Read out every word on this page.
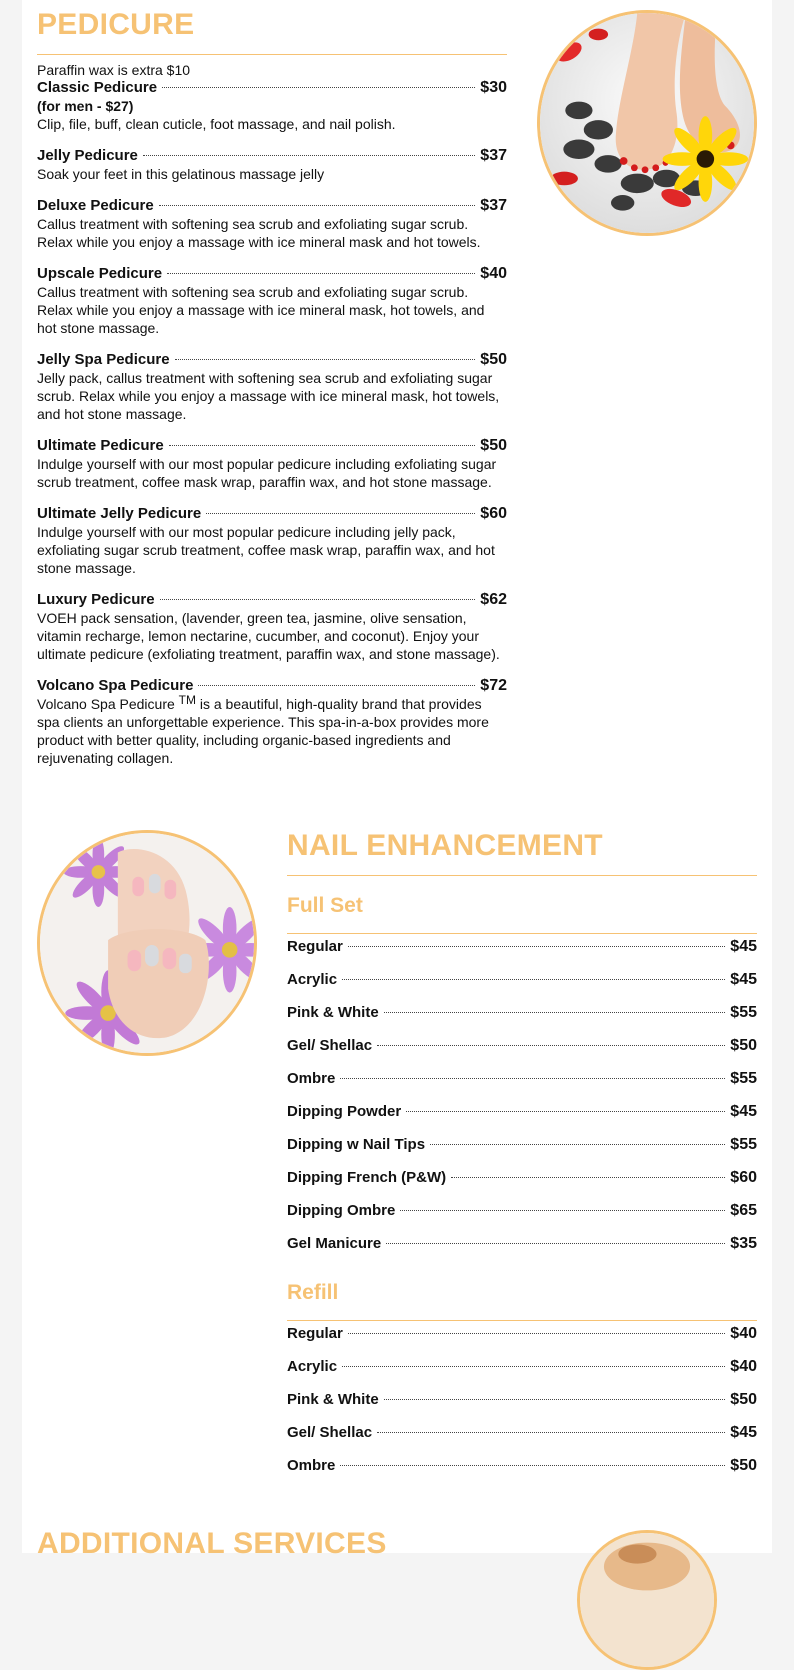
PEDICURE
Paraffin wax is extra $10
Classic Pedicure	$30
(for men - $27)
Clip, file, buff, clean cuticle, foot massage, and nail polish.
Jelly Pedicure	$37
Soak your feet in this gelatinous massage jelly
Deluxe Pedicure	$37
Callus treatment with softening sea scrub and exfoliating sugar scrub. Relax while you enjoy a massage with ice mineral mask and hot towels.
Upscale Pedicure	$40
Callus treatment with softening sea scrub and exfoliating sugar scrub. Relax while you enjoy a massage with ice mineral mask, hot towels, and hot stone massage.
Jelly Spa Pedicure	$50
Jelly pack, callus treatment with softening sea scrub and exfoliating sugar scrub. Relax while you enjoy a massage with ice mineral mask, hot towels, and hot stone massage.
Ultimate Pedicure	$50
Indulge yourself with our most popular pedicure including exfoliating sugar scrub treatment, coffee mask wrap, paraffin wax, and hot stone massage.
Ultimate Jelly Pedicure	$60
Indulge yourself with our most popular pedicure including jelly pack, exfoliating sugar scrub treatment, coffee mask wrap, paraffin wax, and hot stone massage.
Luxury Pedicure	$62
VOEH pack sensation, (lavender, green tea, jasmine, olive sensation, vitamin recharge, lemon nectarine, cucumber, and coconut). Enjoy your ultimate pedicure (exfoliating treatment, paraffin wax, and stone massage).
Volcano Spa Pedicure	$72
Volcano Spa Pedicure ™ is a beautiful, high-quality brand that provides spa clients an unforgettable experience. This spa-in-a-box provides more product with better quality, including organic-based ingredients and rejuvenating collagen.
NAIL ENHANCEMENT
Full Set
Regular	$45
Acrylic	$45
Pink & White	$55
Gel/ Shellac	$50
Ombre	$55
Dipping Powder	$45
Dipping w Nail Tips	$55
Dipping French (P&W)	$60
Dipping Ombre	$65
Gel Manicure	$35
Refill
Regular	$40
Acrylic	$40
Pink & White	$50
Gel/ Shellac	$45
Ombre	$50
ADDITIONAL SERVICES
